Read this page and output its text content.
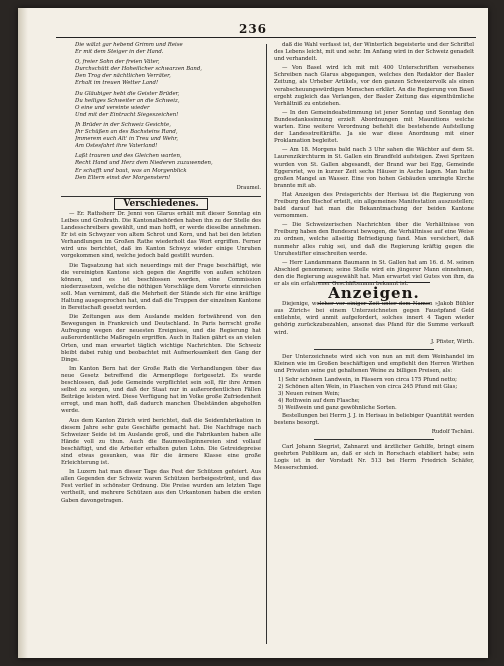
236
Die wälzt gar hebend Grimm und Reise
Er mit dem Steiger in der Hand.
O, freier Sohn der freien Väter,
Durchschütt der Hoheilicher schwarzen Band,
Den Trog der nächtlichen Verräter,
Erhalt im treuen Wetter Land!
Du Gläubiger hebt die Geister Brüder,
Du heiliges Schweiter an die Schweiz,
O eine und vereinte wieder
Und mit der Eintracht Siegeszeichen!
Jh Brüder in der Schweiz Gesichte,
Jhr Schüßen an des Bachsteins Rand,
Jmmerem euch Alt' in Treu und Wehr,
Am Ostesfahrt ihre Vaterland!
Laßt trauren und des Gleichen warten,
Recht Hand und Herz dem Niederen zuzuwenden,
Er schafft und baut, was an Morgenblick
Den Eltern einst der Morgenstern!
Draumel.
Verschiedenes.

— Er. Rathsherr Dr. Jenni von Glarus erhält mit dieser Sonntag ein Leibes und Großrath. Die Kantonalbehörden haben ihn zu der Stelle des Landesschreibers gewählt, und man hofft, er werde dieselbe annehmen. Er ist ein Schwyzer von altem Schrot und Korn, und hat bei den letzten Verhandlungen im Großen Rathe wiederholt das Wort ergriffen. Ferner wird uns berichtet, daß im Kanton Schwyz wieder einige Unruhen vorgekommen sind, welche jedoch bald gestillt wurden.

Die Tagsatzung hat sich neuerdings mit der Frage beschäftigt, wie die vereinigten Kantone sich gegen die Angriffe von außen schützen können, und es ist beschlossen worden, eine Commission niederzusetzen, welche die nöthigen Vorschläge dem Vororte einreichen soll. Man vernimmt, daß die Mehrheit der Stände sich für eine kräftige Haltung ausgesprochen hat, und daß die Truppen der einzelnen Kantone in Bereitschaft gesetzt werden.

Die Zeitungen aus dem Auslande melden fortwährend von den Bewegungen in Frankreich und Deutschland. In Paris herrscht große Aufregung wegen der neuesten Ereignisse, und die Regierung hat außerordentliche Maßregeln ergriffen. Auch in Italien gährt es an vielen Orten, und man erwartet täglich wichtige Nachrichten. Die Schweiz bleibt dabei ruhig und beobachtet mit Aufmerksamkeit den Gang der Dinge.

Im Kanton Bern hat der Große Rath die Verhandlungen über das neue Gesetz betreffend die Armenpflege fortgesetzt. Es wurde beschlossen, daß jede Gemeinde verpflichtet sein soll, für ihre Armen selbst zu sorgen, und daß der Staat nur in außerordentlichen Fällen Beiträge leisten wird. Diese Verfügung hat im Volke große Zufriedenheit erregt, und man hofft, daß dadurch manchen Übelständen abgeholfen werde.

Aus dem Kanton Zürich wird berichtet, daß die Seidenfabrikation in diesem Jahre sehr gute Geschäfte gemacht hat. Die Nachfrage nach Schweizer Seide ist im Auslande groß, und die Fabrikanten haben alle Hände voll zu thun. Auch die Baumwollspinnereien sind vollauf beschäftigt, und die Arbeiter erhalten guten Lohn. Die Getreidepreise sind etwas gesunken, was für die ärmere Klasse eine große Erleichterung ist.

In Luzern hat man dieser Tage das Fest der Schützen gefeiert. Aus allen Gegenden der Schweiz waren Schützen herbeigeströmt, und das Fest verlief in schönster Ordnung. Die Preise wurden am letzten Tage vertheilt, und mehrere Schützen aus den Urkantonen haben die ersten Gaben davongetragen.

daß die Wahl verfasst ist, der Winterlich begeisterte und der Schriftel des Lebens leicht, mit und sehr. Im Anfang wird in der Schweiz genadelt und verhandelt.

— Von Basel wird ich mit mit 400 Unterschriften versehenes Schreiben nach Glarus abgegangen, welches den Redaktor der Basler Zeitung, als Urheber Artikels, vor den ganzen Schweizervolk als einen verabscheuungswürdigen Menschen erklärt. An die Regierung von Basel ergeht zugleich das Verlangen, der Basler Zeitung das eigenthümliche Verhältniß zu entziehen.

— In den Gemeindeabstimmung ist jener Sonntag und Sonntag den Bundesdankssinnung erzielt Abordnungen mit Maunitions welche warten. Eine weitere Verordnung befiehlt die bestehende Aufstellung der Landesstreitkräfte. Ja sie war diese Anordnung mit einer Proklamation begleitet.

— Am 18. Morgens bald nach 3 Uhr sahen die Wächter auf dem St. Laurenzikirchturm in St. Gallen ein Brandfeld aufsteigen. Zwei Spritzen wurden von St. Gallen abgesandt, der Brand war bei Egg, Gemeinde Eggersriet, wo in kurzer Zeit sechs Häuser in Asche lagen. Man hatte großen Mangel an Wasser. Eine von hohen Gebäuden umringte Kirche brannte mit ab.

Hat Anzeigen des Preisgerichts der Herisau ist die Regierung von Freiburg den Bischof erteilt, ein allgemeines Manifestation auszustellen; bald darauf hat man die Bekanntmachung der beiden Kantone vernommen.

— Die Schweizerischen Nachrichten über die Verhältnisse von Freiburg haben den Bundesrat bewogen, die Verhältnisse auf eine Weise zu ordnen, welche allseitig Befriedigung fand. Man versichert, daß nunmehr alles ruhig sei, und daß die Regierung kräftig gegen die Unruhestifter einschreiten werde.

— Herr Landammann Baumann in St. Gallen hat am 16. d. M. seinen Abschied genommen; seine Stelle wird ein jüngerer Mann einnehmen, den die Regierung ausgewählt hat. Man erwartet viel Gutes von ihm, da er als ein erfahrener Geschäftsmann bekannt ist.

Anzeigen.

Diejenige, welcher vor einiger Zeit unter dem Namen »Jakob Bühler aus Zürich« bei einem Unterzeichneten gegen Faustpfand Geld entlehnte, wird anmit aufgefordert, solches innert 4 Tagen wieder gehörig zurückzubezahlen, ansonst das Pfand für die Summe verkauft wird.

J. Pfister, Wirth.

Der Unterzeichnete wird sich von nun an mit dem Weinhandel im Kleinen wie im Großen beschäftigen und empfiehlt den Herren Wirthen und Privaten seine gut gehaltenen Weine zu billigen Preisen, als:

1) Sehr schönen Landwein, in Fässern von circa 175 Pfund netto;

2) Schönen alten Wein, in Flaschen von circa 245 Pfund mit Glas;

3) Neuen reinen Wein;

4) Rothwein auf dem Flasche;

5) Weißwein und ganz gewöhnliche Sorten.

Bestellungen bei Herrn J. J. in Herisau in beliebiger Quantität werden bestens besorgt.

Rudolf Tschäni.

Carl Johann Siegrist, Zahnarzt und ärztlicher Gehilfe, bringt einem geehrten Publikum an, daß er sich in Rorschach etabliert habe; sein Logis ist in der Vorstadt Nr. 513 bei Herrn Friedrich Schäfer, Messerschmied.
